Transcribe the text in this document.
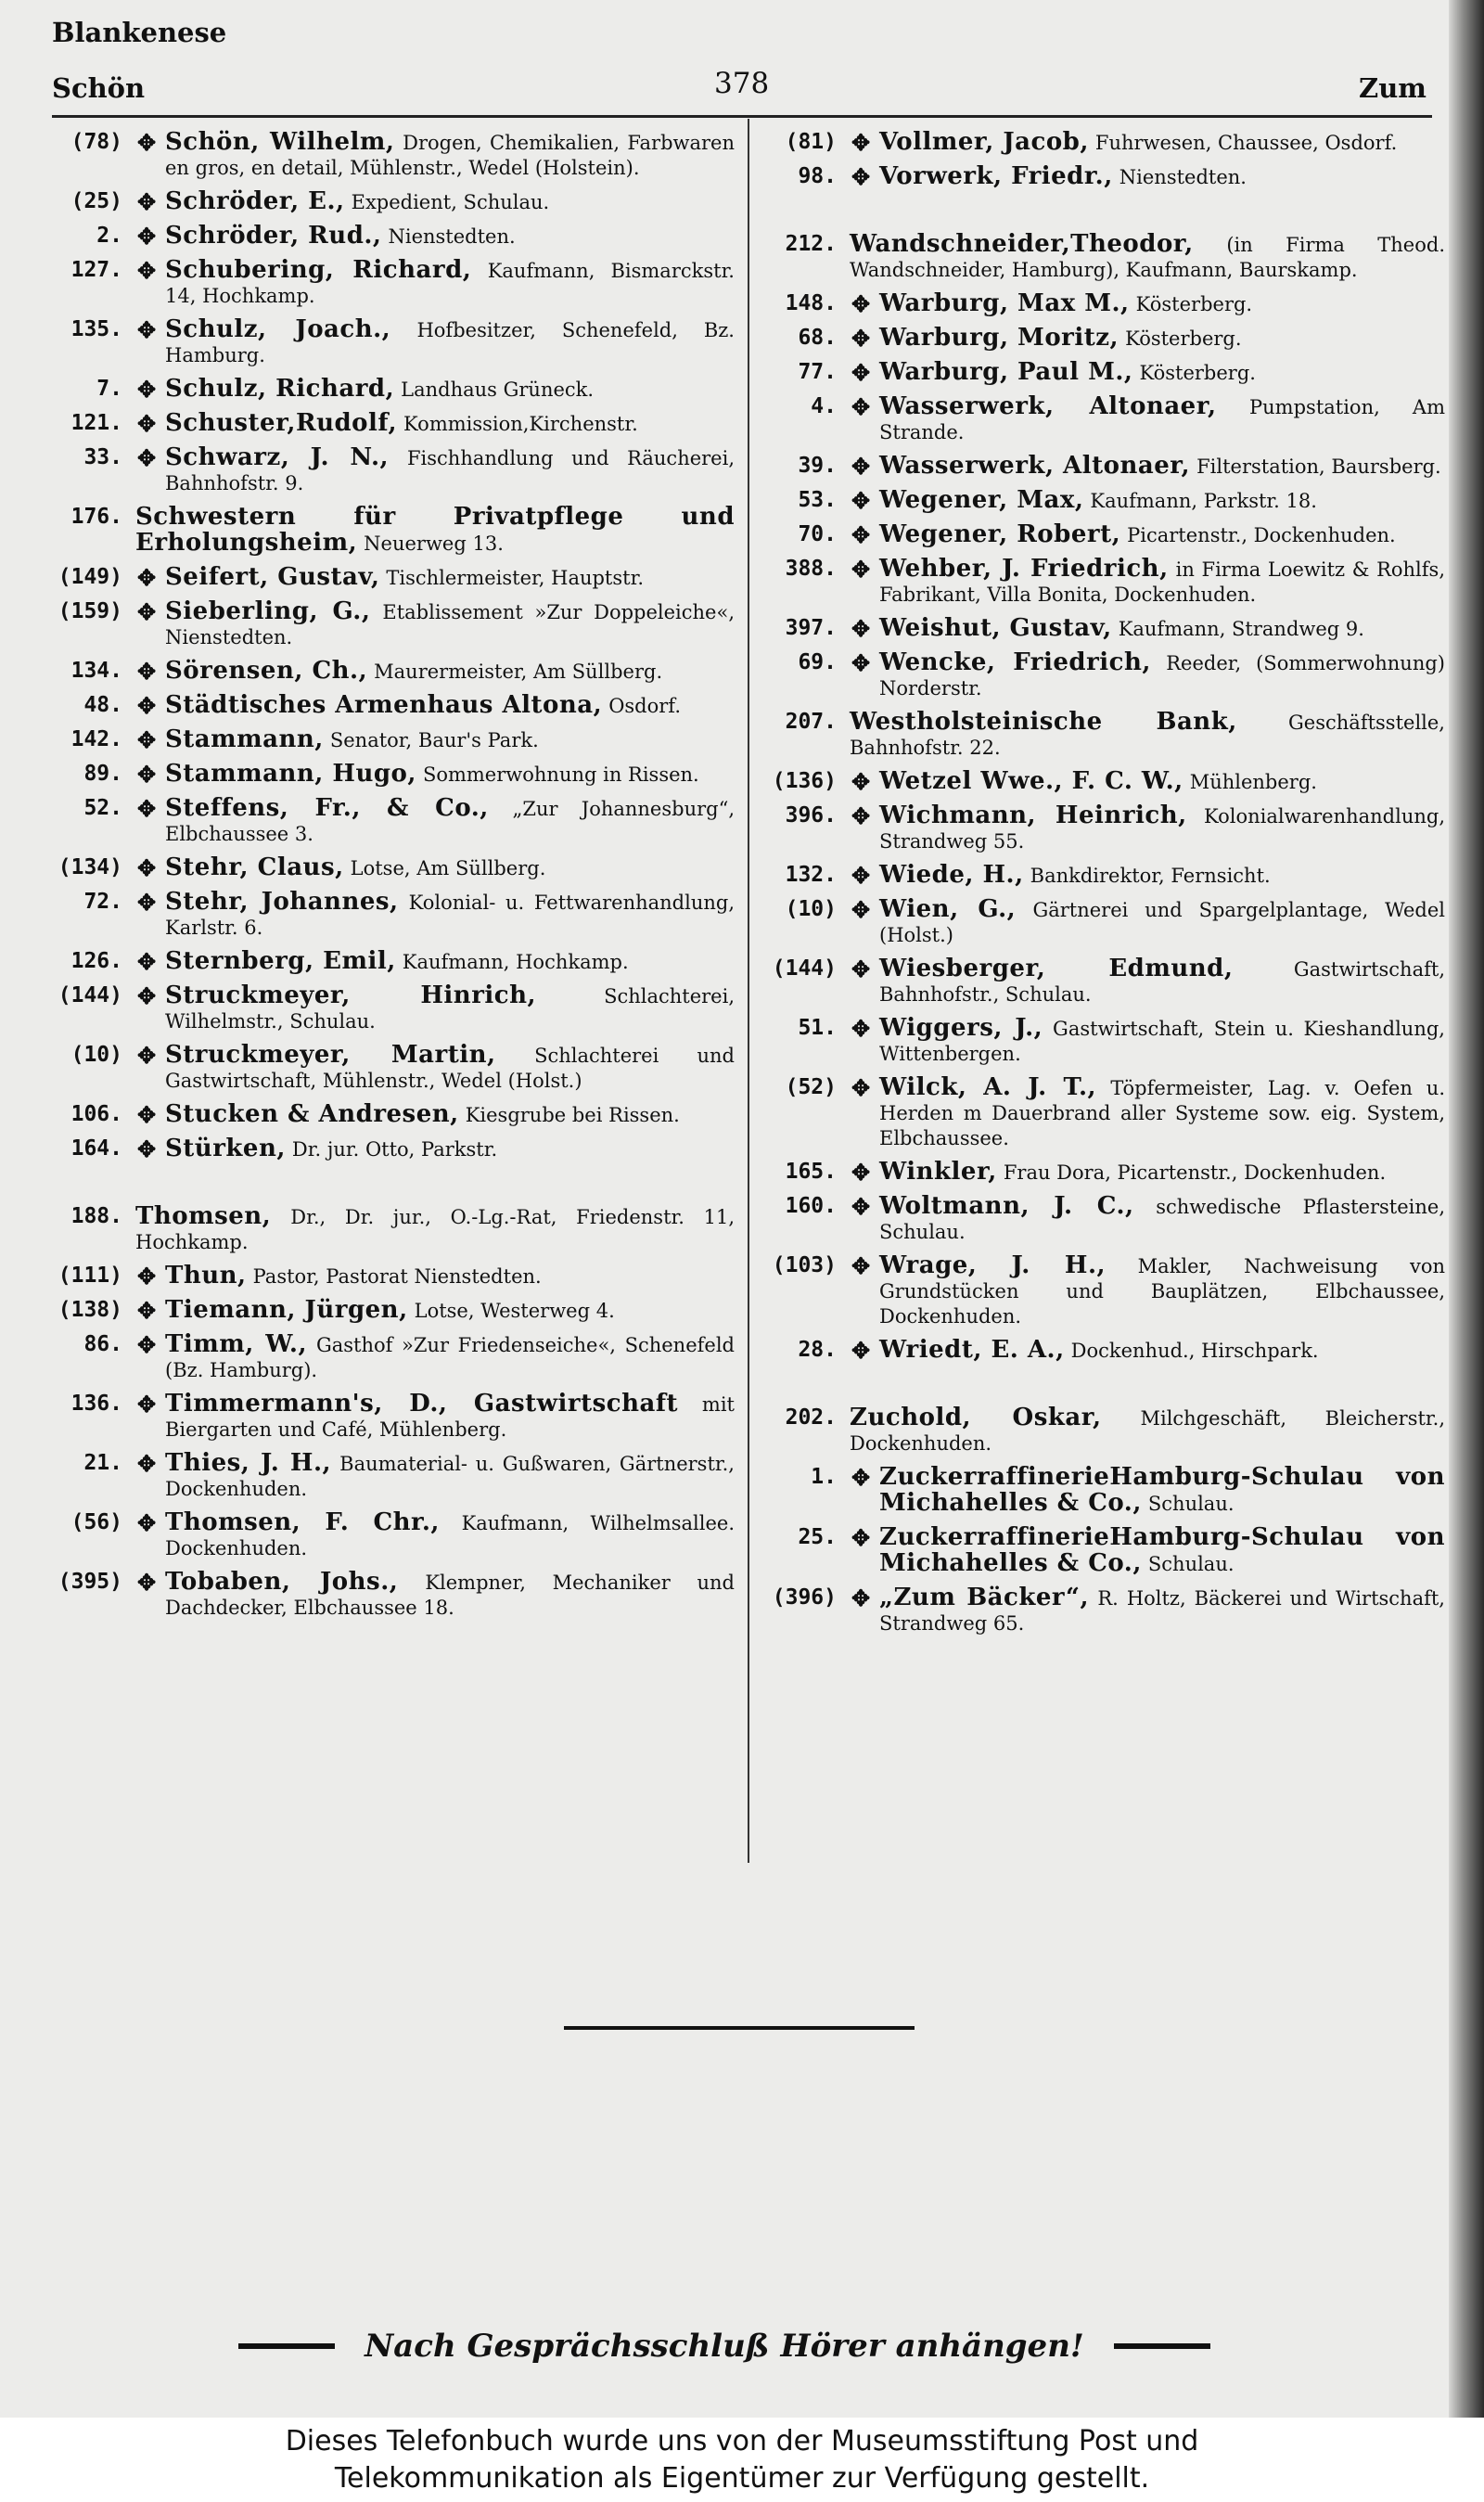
Blankenese
Schön	378	Zum
(78) ✥ Schön, Wilhelm, Drogen, Chemikalien, Farbwaren en gros, en detail, Mühlenstr., Wedel (Holstein).
(25) ✥ Schröder, E., Expedient, Schulau.
2. ✥ Schröder, Rud., Nienstedten.
127. ✥ Schubering, Richard, Kaufmann, Bismarckstr. 14, Hochkamp.
135. ✥ Schulz, Joach., Hofbesitzer, Schenefeld, Bz. Hamburg.
7. ✥ Schulz, Richard, Landhaus Grüneck.
121. ✥ Schuster,Rudolf, Kommission,Kirchenstr.
33. ✥ Schwarz, J. N., Fischhandlung und Räucherei, Bahnhofstr. 9.
176. Schwestern für Privatpflege und Erholungsheim, Neuerweg 13.
(149) ✥ Seifert, Gustav, Tischlermeister, Hauptstr.
(159) ✥ Sieberling, G., Etablissement »Zur Doppeleiche«, Nienstedten.
134. ✥ Sörensen, Ch., Maurermeister, Am Süllberg.
48. ✥ Städtisches Armenhaus Altona, Osdorf.
142. ✥ Stammann, Senator, Baur's Park.
89. ✥ Stammann, Hugo, Sommerwohnung in Rissen.
52. ✥ Steffens, Fr., & Co., „Zur Johannesburg“, Elbchaussee 3.
(134) ✥ Stehr, Claus, Lotse, Am Süllberg.
72. ✥ Stehr, Johannes, Kolonial- u. Fettwarenhandlung, Karlstr. 6.
126. ✥ Sternberg, Emil, Kaufmann, Hochkamp.
(144) ✥ Struckmeyer, Hinrich,	Schlachterei, Wilhelmstr., Schulau.
(10) ✥ Struckmeyer, Martin, Schlachterei und Gastwirtschaft, Mühlenstr., Wedel (Holst.)
106. ✥ Stucken & Andresen, Kiesgrube bei Rissen.
164. ✥ Stürken, Dr. jur. Otto, Parkstr.
188. Thomsen, Dr., Dr. jur., O.-Lg.-Rat, Friedenstr. 11, Hochkamp.
(111) ✥ Thun, Pastor, Pastorat Nienstedten.
(138) ✥ Tiemann, Jürgen, Lotse, Westerweg 4.
86. ✥ Timm, W., Gasthof »Zur Friedenseiche«, Schenefeld (Bz. Hamburg).
136. ✥ Timmermann's, D., Gastwirtschaft mit Biergarten und Café, Mühlenberg.
21. ✥ Thies, J. H., Baumaterial- u. Gußwaren, Gärtnerstr., Dockenhuden.
(56) ✥ Thomsen, F. Chr., Kaufmann, Wilhelmsallee. Dockenhuden.
(395) ✥ Tobaben, Johs., Klempner, Mechaniker und Dachdecker, Elbchaussee 18.
(81) ✥ Vollmer, Jacob, Fuhrwesen, Chaussee, Osdorf.
98. ✥ Vorwerk, Friedr., Nienstedten.
212. Wandschneider,Theodor, (in Firma Theod. Wandschneider, Hamburg), Kaufmann, Baurskamp.
148. ✥ Warburg, Max M., Kösterberg.
68. ✥ Warburg, Moritz, Kösterberg.
77. ✥ Warburg, Paul M., Kösterberg.
4. ✥ Wasserwerk, Altonaer, Pumpstation, Am Strande.
39. ✥ Wasserwerk, Altonaer, Filterstation, Baursberg.
53. ✥ Wegener, Max, Kaufmann, Parkstr. 18.
70. ✥ Wegener, Robert, Picartenstr., Dockenhuden.
388. ✥ Wehber, J. Friedrich, in Firma Loewitz & Rohlfs, Fabrikant, Villa Bonita, Dockenhuden.
397. ✥ Weishut, Gustav, Kaufmann, Strandweg 9.
69. ✥ Wencke, Friedrich, Reeder, (Sommerwohnung) Norderstr.
207. Westholsteinische Bank,	Geschäftsstelle, Bahnhofstr. 22.
(136) ✥ Wetzel Wwe., F. C. W., Mühlenberg.
396. ✥ Wichmann, Heinrich, Kolonialwarenhandlung, Strandweg 55.
132. ✥ Wiede, H., Bankdirektor, Fernsicht.
(10) ✥ Wien, G., Gärtnerei und Spargelplantage, Wedel (Holst.)
(144) ✥ Wiesberger, Edmund,	Gastwirtschaft, Bahnhofstr., Schulau.
51. ✥ Wiggers, J., Gastwirtschaft, Stein u. Kieshandlung, Wittenbergen.
(52) ✥ Wilck, A. J. T., Töpfermeister, Lag. v. Oefen u. Herden m Dauerbrand aller Systeme sow. eig. System, Elbchaussee.
165. ✥ Winkler, Frau Dora, Picartenstr., Dockenhuden.
160. ✥ Woltmann, J. C., schwedische Pflastersteine, Schulau.
(103) ✥ Wrage, J. H., Makler, Nachweisung von Grundstücken und Bauplätzen, Elbchaussee, Dockenhuden.
28. ✥ Wriedt, E. A., Dockenhud., Hirschpark.
202. Zuchold, Oskar, Milchgeschäft, Bleicherstr., Dockenhuden.
1. ✥ ZuckerraffinerieHamburg-Schulau von Michahelles & Co., Schulau.
25. ✥ ZuckerraffinerieHamburg-Schulau von Michahelles & Co., Schulau.
(396) ✥ „Zum Bäcker“, R. Holtz, Bäckerei und Wirtschaft, Strandweg 65.
Nach Gesprächsschluß Hörer anhängen!
Dieses Telefonbuch wurde uns von der Museumsstiftung Post und
Telekommunikation als Eigentümer zur Verfügung gestellt.
